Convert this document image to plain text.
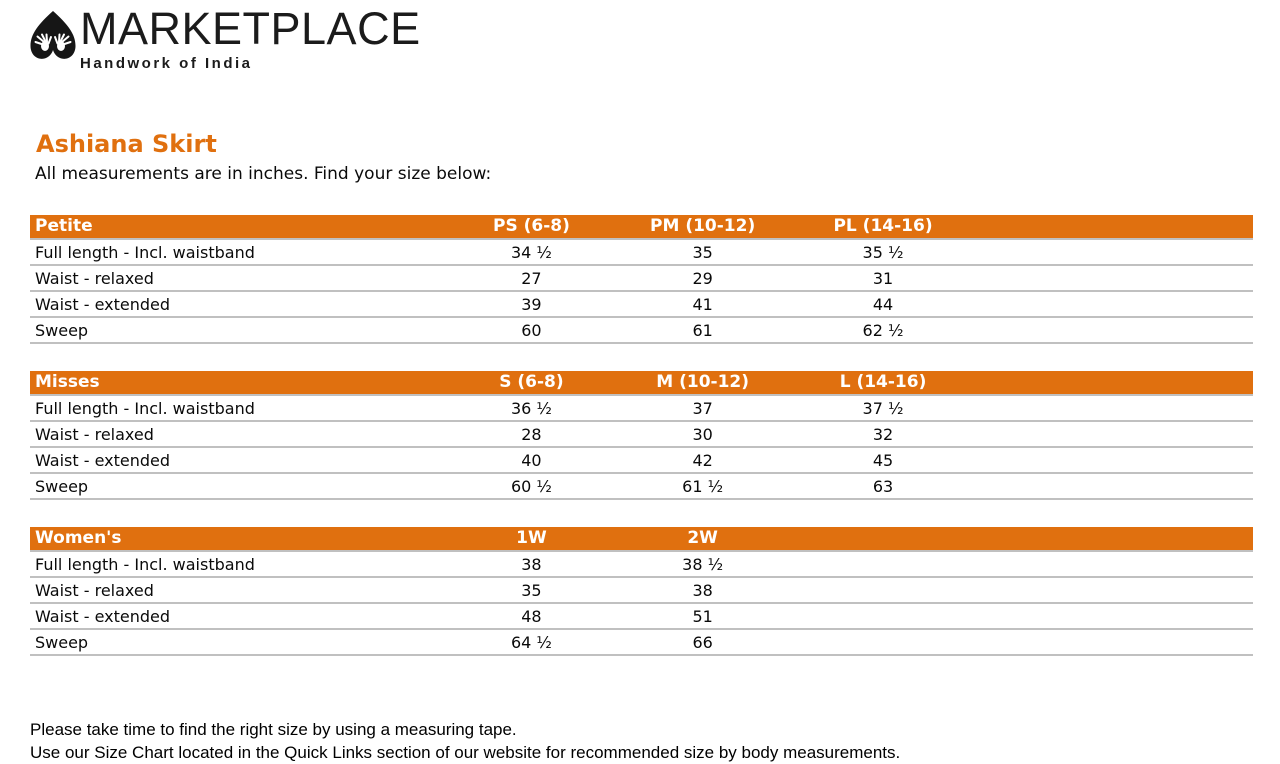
MARKETPLACE
Handwork of India
Ashiana Skirt

All measurements are in inches. Find your size below:

Petite	PS (6-8)	PM (10-12)	PL (14-16)	
Full length - Incl. waistband	34 ½	35	35 ½	
Waist - relaxed	27	29	31	
Waist - extended	39	41	44	
Sweep	60	61	62 ½	
Misses	S (6-8)	M (10-12)	L (14-16)	
Full length - Incl. waistband	36 ½	37	37 ½	
Waist - relaxed	28	30	32	
Waist - extended	40	42	45	
Sweep	60 ½	61 ½	63	
Women's	1W	2W		
Full length - Incl. waistband	38	38 ½		
Waist - relaxed	35	38		
Waist - extended	48	51		
Sweep	64 ½	66		

Please take time to find the right size by using a measuring tape.

Use our Size Chart located in the Quick Links section of our website for recommended size by body measurements.
